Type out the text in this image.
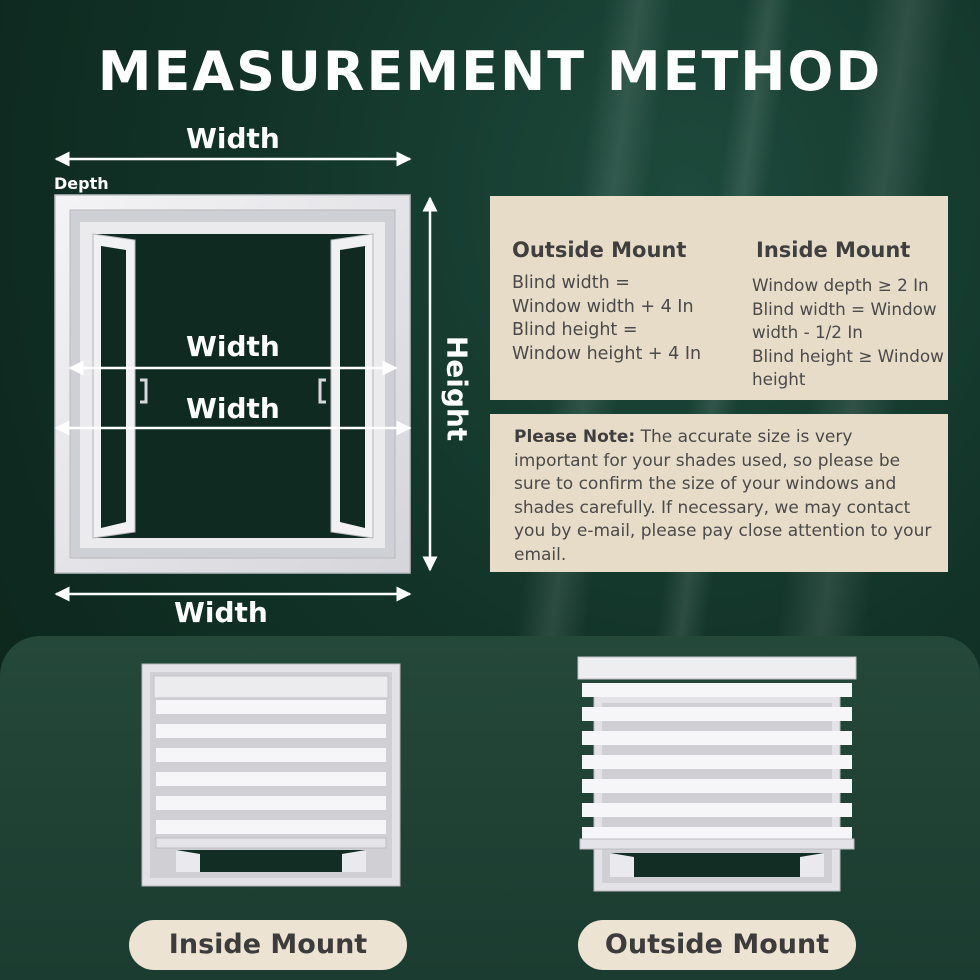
MEASUREMENT METHOD
Width
Depth
Width
Width
Width
Height
Outside Mount
Blind width =
Window width + 4 In
Blind height =
Window height + 4 In
Inside Mount
Window depth ≥ 2 In
Blind width = Window
width - 1/2 In
Blind height ≥ Window
height
Please Note: The accurate size is very important for your shades used, so please be sure to confirm the size of your windows and shades carefully. If necessary, we may contact you by e-mail, please pay close attention to your email.
Inside Mount	Outside Mount
